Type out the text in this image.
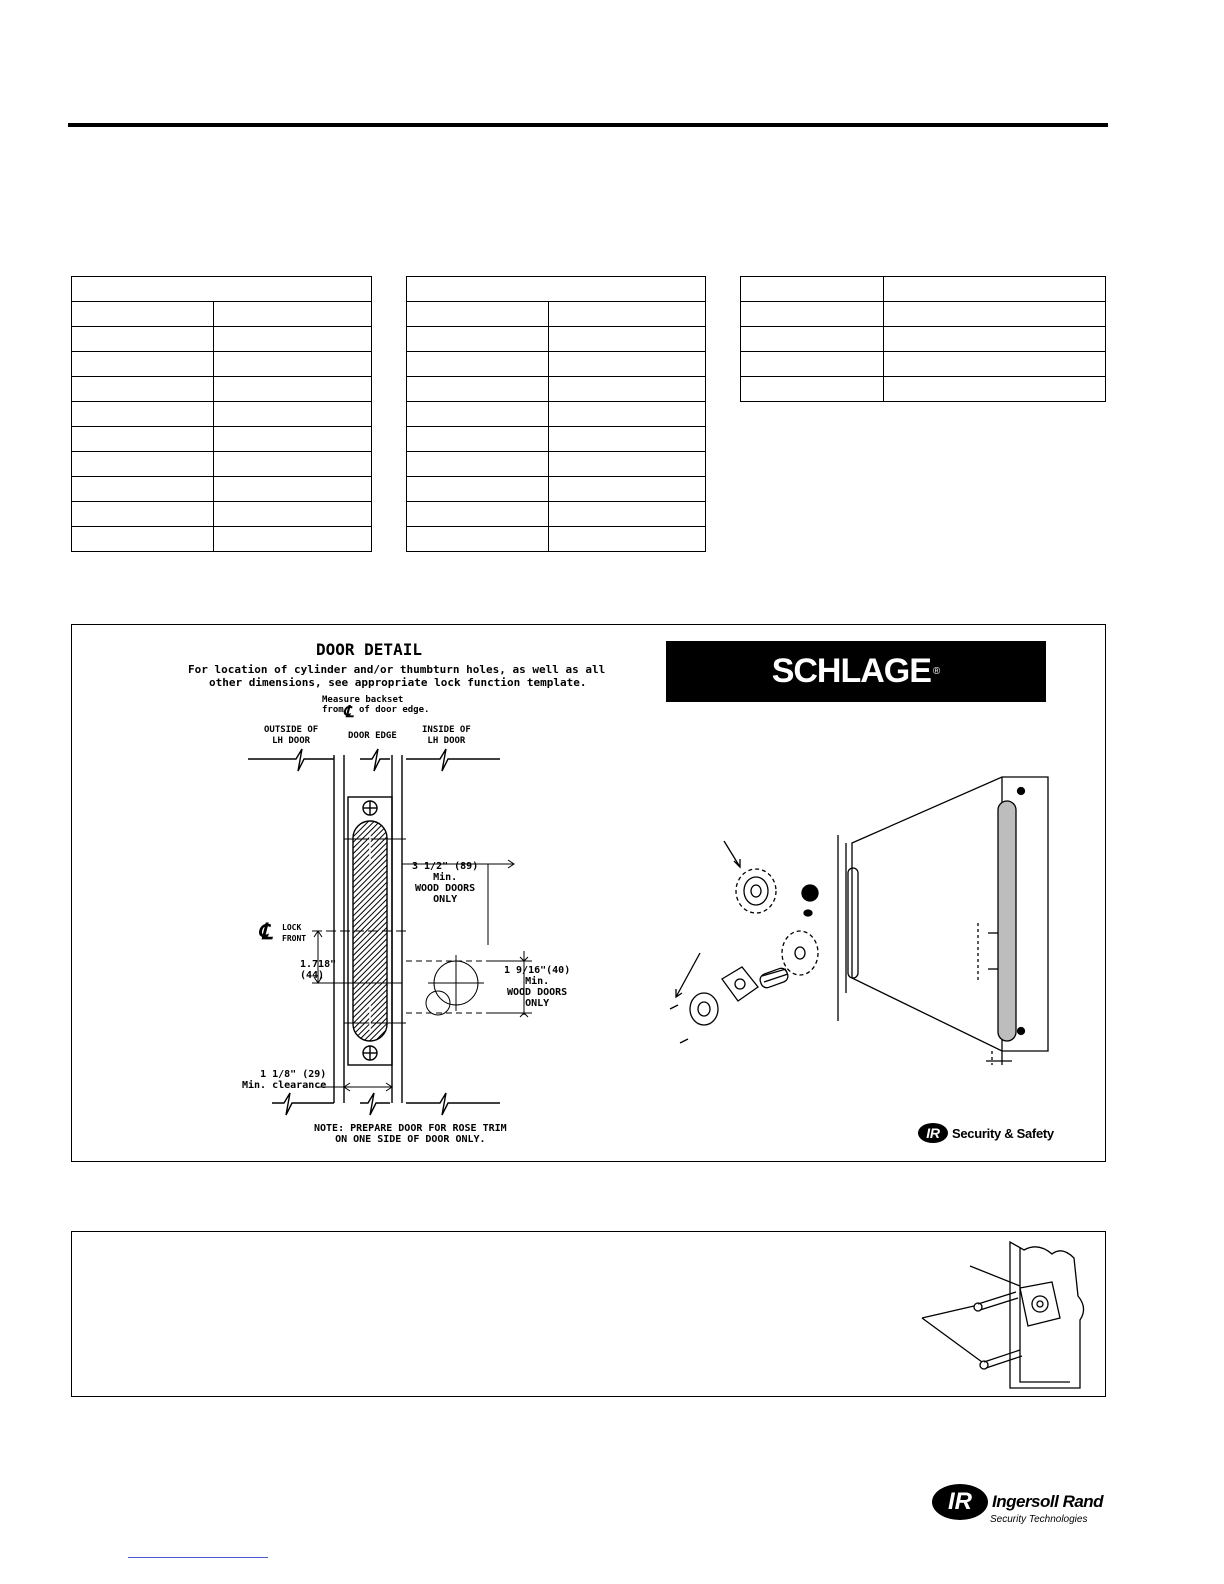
℄
℄
DOOR DETAIL
For location of cylinder and/or thumbturn holes, as well as all
other dimensions, see appropriate lock function template.
Measure backset
from of door edge.
OUTSIDE OF
LH DOOR	DOOR EDGE
INSIDE OF
LH DOOR
3 1/2" (89)
Min.
WOOD DOORS
ONLY
LOCK
FRONT
1.718"
(44)	1 9/16"(40)
Min.
WOOD DOORS
ONLY
1 1/8" (29)
Min. clearance
NOTE: PREPARE DOOR FOR ROSE TRIM
ON ONE SIDE OF DOOR ONLY.
SCHLAGE ®
IR Security & Safety
IR	Ingersoll Rand
Security Technologies
